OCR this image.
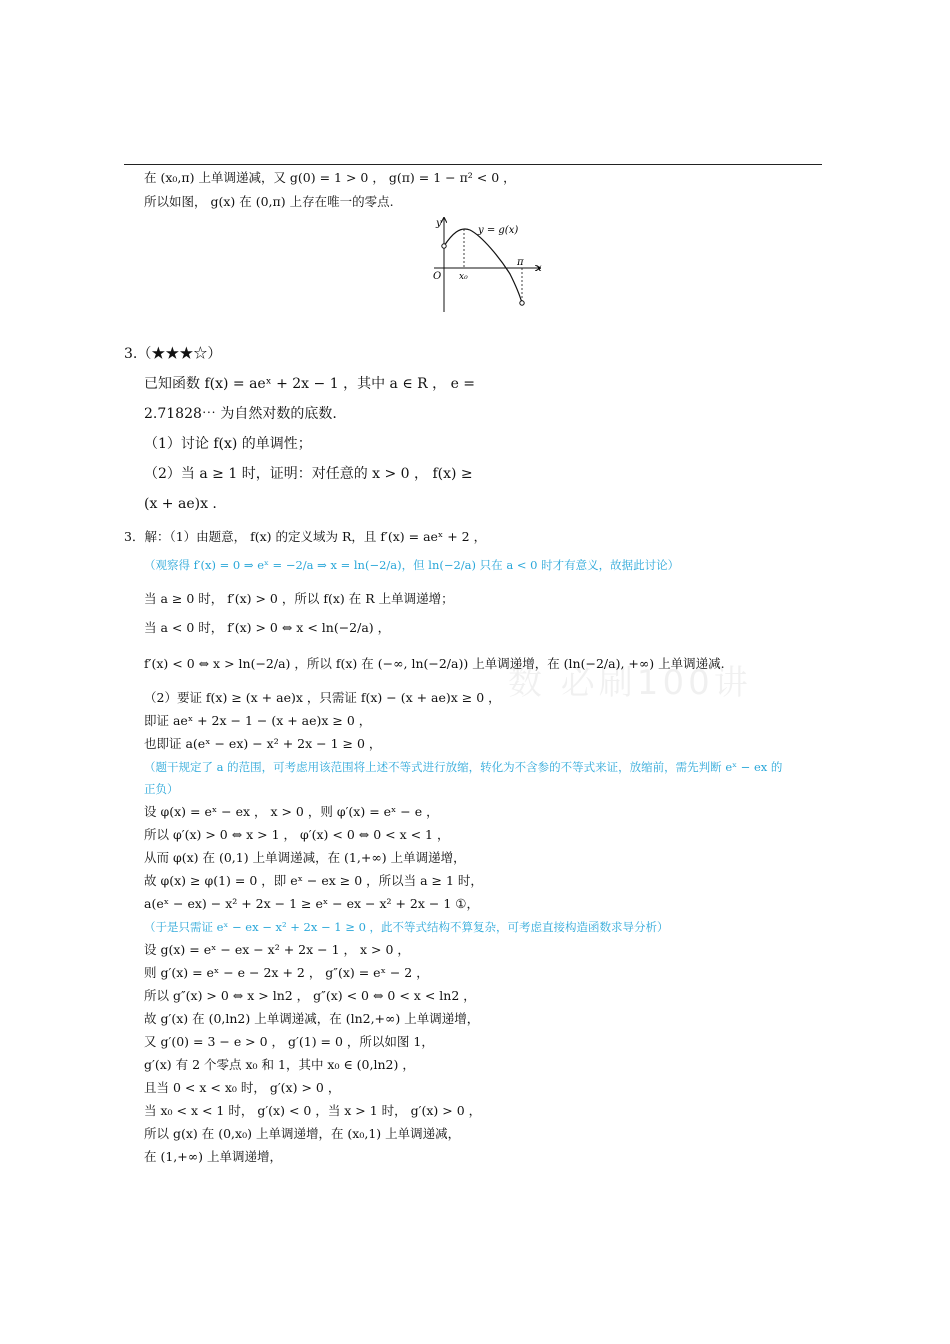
在 (x₀,π) 上单调递减，又 g(0) = 1 > 0 ， g(π) = 1 − π² < 0 ，
所以如图， g(x) 在 (0,π) 上存在唯一的零点.
y
x
O x₀
π
y = g(x)
3.（★★★☆）
已知函数 f(x) = aeˣ + 2x − 1 ，其中 a ∈ R ， e =
2.71828⋯ 为自然对数的底数.
（1）讨论 f(x) 的单调性；
（2）当 a ≥ 1 时，证明：对任意的 x > 0 ， f(x) ≥
(x + ae)x .
3．解：（1）由题意， f(x) 的定义域为 R，且 f′(x) = aeˣ + 2 ，
（观察得 f′(x) = 0 ⇒ eˣ = −2/a ⇒ x = ln(−2/a)，但 ln(−2/a) 只在 a < 0 时才有意义，故据此讨论）
当 a ≥ 0 时， f′(x) > 0 ，所以 f(x) 在 R 上单调递增；
当 a < 0 时， f′(x) > 0 ⇔ x < ln(−2/a) ，
f′(x) < 0 ⇔ x > ln(−2/a) ，所以 f(x) 在 (−∞, ln(−2/a)) 上单调递增，在 (ln(−2/a), +∞) 上单调递减.
（2）要证 f(x) ≥ (x + ae)x ，只需证 f(x) − (x + ae)x ≥ 0 ，
即证 aeˣ + 2x − 1 − (x + ae)x ≥ 0 ，
也即证 a(eˣ − ex) − x² + 2x − 1 ≥ 0 ，
（题干规定了 a 的范围，可考虑用该范围将上述不等式进行放缩，转化为不含参的不等式来证，放缩前，需先判断 eˣ − ex 的
正负）
设 φ(x) = eˣ − ex ， x > 0 ，则 φ′(x) = eˣ − e ，
所以 φ′(x) > 0 ⇔ x > 1 ， φ′(x) < 0 ⇔ 0 < x < 1 ，
从而 φ(x) 在 (0,1) 上单调递减，在 (1,+∞) 上单调递增，
故 φ(x) ≥ φ(1) = 0 ，即 eˣ − ex ≥ 0 ，所以当 a ≥ 1 时，
a(eˣ − ex) − x² + 2x − 1 ≥ eˣ − ex − x² + 2x − 1 ①，
（于是只需证 eˣ − ex − x² + 2x − 1 ≥ 0 ，此不等式结构不算复杂，可考虑直接构造函数求导分析）
设 g(x) = eˣ − ex − x² + 2x − 1 ， x > 0 ，
则 g′(x) = eˣ − e − 2x + 2 ， g″(x) = eˣ − 2 ，
所以 g″(x) > 0 ⇔ x > ln2 ， g″(x) < 0 ⇔ 0 < x < ln2 ，
故 g′(x) 在 (0,ln2) 上单调递减，在 (ln2,+∞) 上单调递增，
又 g′(0) = 3 − e > 0 ， g′(1) = 0 ，所以如图 1，
g′(x) 有 2 个零点 x₀ 和 1，其中 x₀ ∈ (0,ln2) ，
且当 0 < x < x₀ 时， g′(x) > 0 ，
当 x₀ < x < 1 时， g′(x) < 0 ，当 x > 1 时， g′(x) > 0 ，
所以 g(x) 在 (0,x₀) 上单调递增，在 (x₀,1) 上单调递减，
在 (1,+∞) 上单调递增，
数 必刷100讲
